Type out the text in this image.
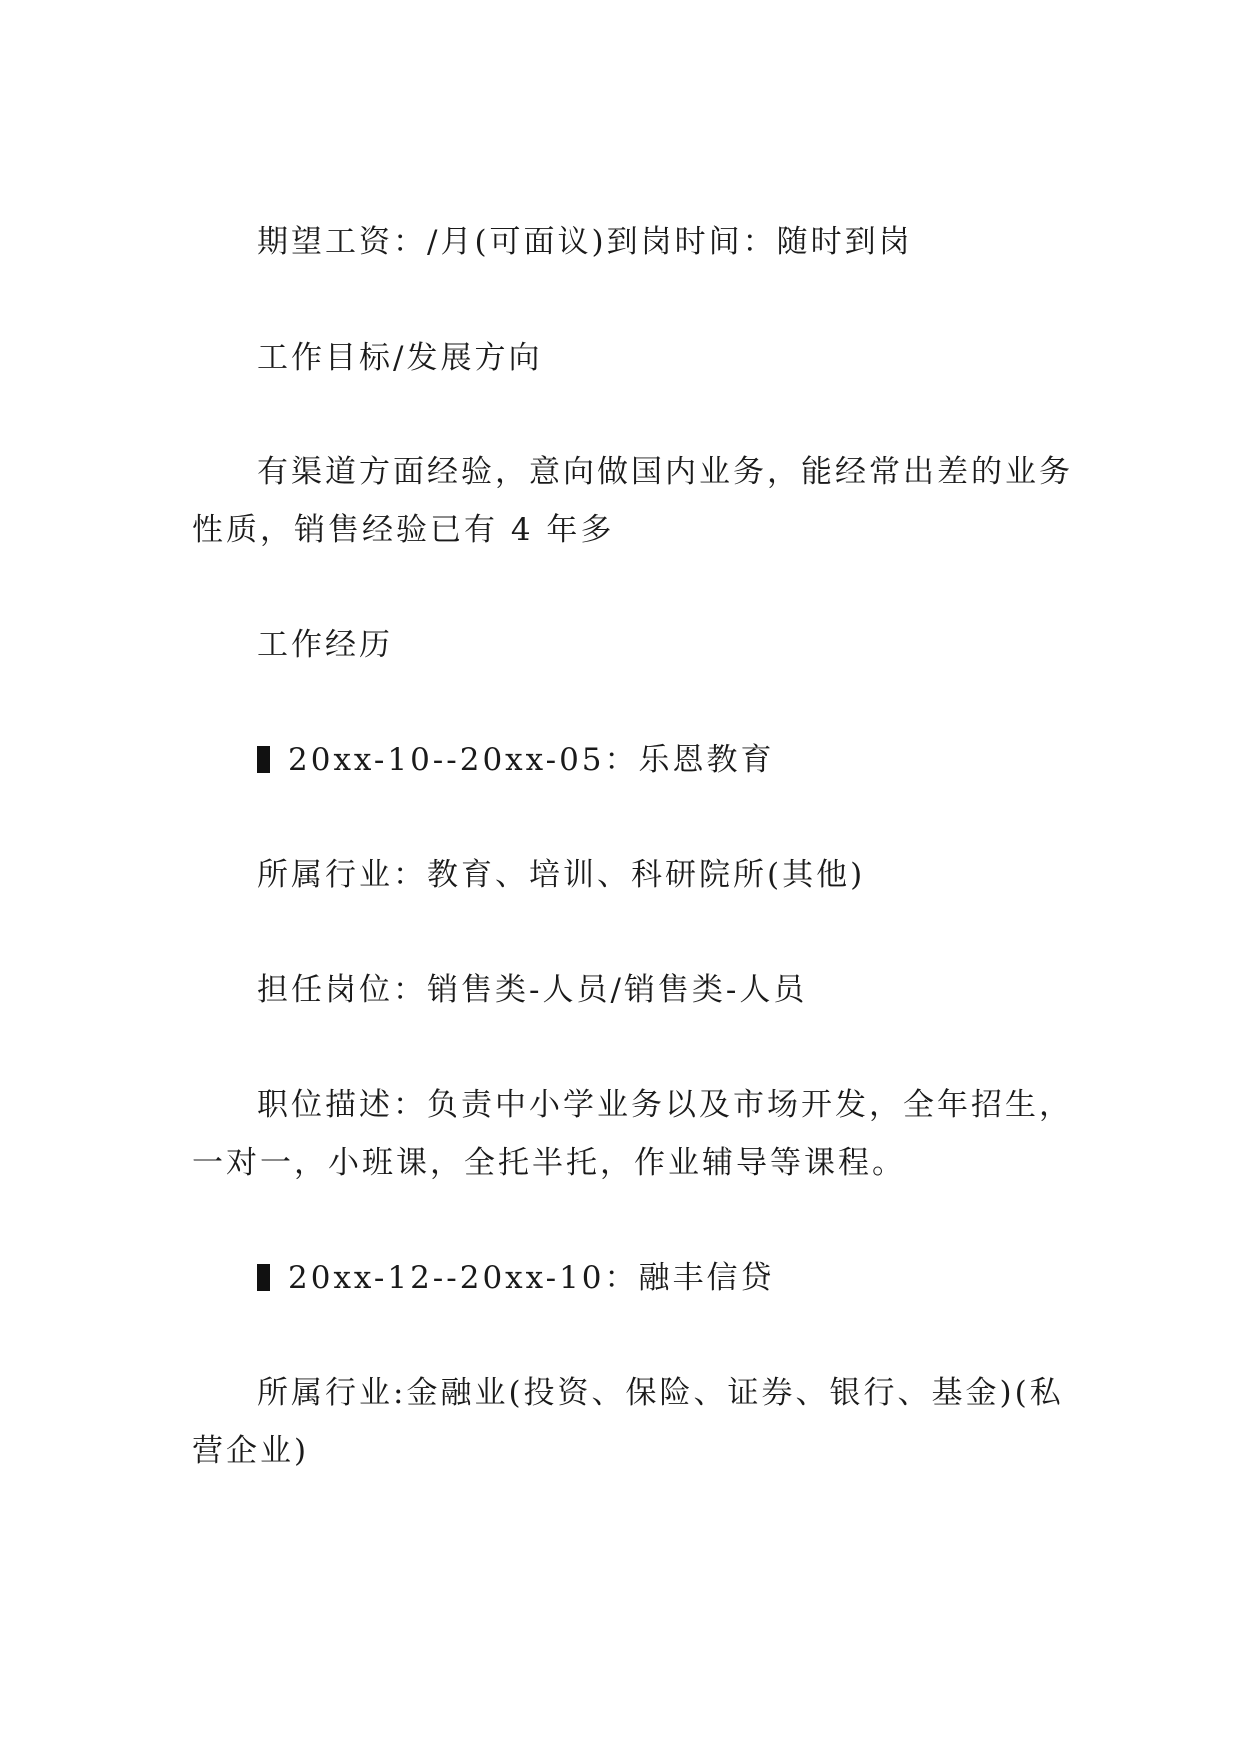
期望工资：/月(可面议)到岗时间：随时到岗
工作目标/发展方向
有渠道方面经验，意向做国内业务，能经常出差的业务
性质，销售经验已有 4 年多
工作经历
20xx-10--20xx-05：乐恩教育
所属行业：教育、培训、科研院所(其他)
担任岗位：销售类-人员/销售类-人员
职位描述：负责中小学业务以及市场开发，全年招生，
一对一，小班课，全托半托，作业辅导等课程。
20xx-12--20xx-10：融丰信贷
所属行业:金融业(投资、保险、证券、银行、基金)(私
营企业)
